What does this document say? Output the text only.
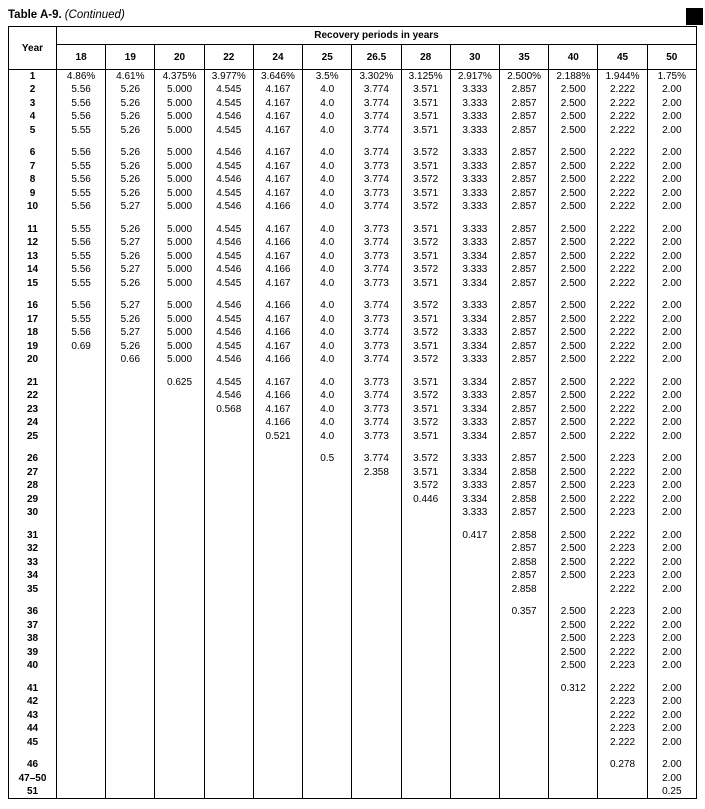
Table A-9. (Continued)
Year	Recovery periods in years												
	18	19	20	22	24	25	26.5	28	30	35	40	45	50
1	4.86%	4.61%	4.375%	3.977%	3.646%	3.5%	3.302%	3.125%	2.917%	2.500%	2.188%	1.944%	1.75%
2	5.56	5.26	5.000	4.545	4.167	4.0	3.774	3.571	3.333	2.857	2.500	2.222	2.00
3	5.56	5.26	5.000	4.545	4.167	4.0	3.774	3.571	3.333	2.857	2.500	2.222	2.00
4	5.56	5.26	5.000	4.546	4.167	4.0	3.774	3.571	3.333	2.857	2.500	2.222	2.00
5	5.55	5.26	5.000	4.545	4.167	4.0	3.774	3.571	3.333	2.857	2.500	2.222	2.00

6	5.56	5.26	5.000	4.546	4.167	4.0	3.774	3.572	3.333	2.857	2.500	2.222	2.00
7	5.55	5.26	5.000	4.545	4.167	4.0	3.773	3.571	3.333	2.857	2.500	2.222	2.00
8	5.56	5.26	5.000	4.546	4.167	4.0	3.774	3.572	3.333	2.857	2.500	2.222	2.00
9	5.55	5.26	5.000	4.545	4.167	4.0	3.773	3.571	3.333	2.857	2.500	2.222	2.00
10	5.56	5.27	5.000	4.546	4.166	4.0	3.774	3.572	3.333	2.857	2.500	2.222	2.00

11	5.55	5.26	5.000	4.545	4.167	4.0	3.773	3.571	3.333	2.857	2.500	2.222	2.00
12	5.56	5.27	5.000	4.546	4.166	4.0	3.774	3.572	3.333	2.857	2.500	2.222	2.00
13	5.55	5.26	5.000	4.545	4.167	4.0	3.773	3.571	3.334	2.857	2.500	2.222	2.00
14	5.56	5.27	5.000	4.546	4.166	4.0	3.774	3.572	3.333	2.857	2.500	2.222	2.00
15	5.55	5.26	5.000	4.545	4.167	4.0	3.773	3.571	3.334	2.857	2.500	2.222	2.00

16	5.56	5.27	5.000	4.546	4.166	4.0	3.774	3.572	3.333	2.857	2.500	2.222	2.00
17	5.55	5.26	5.000	4.545	4.167	4.0	3.773	3.571	3.334	2.857	2.500	2.222	2.00
18	5.56	5.27	5.000	4.546	4.166	4.0	3.774	3.572	3.333	2.857	2.500	2.222	2.00
19	0.69	5.26	5.000	4.545	4.167	4.0	3.773	3.571	3.334	2.857	2.500	2.222	2.00
20		0.66	5.000	4.546	4.166	4.0	3.774	3.572	3.333	2.857	2.500	2.222	2.00

21			0.625	4.545	4.167	4.0	3.773	3.571	3.334	2.857	2.500	2.222	2.00
22				4.546	4.166	4.0	3.774	3.572	3.333	2.857	2.500	2.222	2.00
23				0.568	4.167	4.0	3.773	3.571	3.334	2.857	2.500	2.222	2.00
24					4.166	4.0	3.774	3.572	3.333	2.857	2.500	2.222	2.00
25					0.521	4.0	3.773	3.571	3.334	2.857	2.500	2.222	2.00

26						0.5	3.774	3.572	3.333	2.857	2.500	2.223	2.00
27							2.358	3.571	3.334	2.858	2.500	2.222	2.00
28								3.572	3.333	2.857	2.500	2.223	2.00
29								0.446	3.334	2.858	2.500	2.222	2.00
30									3.333	2.857	2.500	2.223	2.00

31									0.417	2.858	2.500	2.222	2.00
32										2.857	2.500	2.223	2.00
33										2.858	2.500	2.222	2.00
34										2.857	2.500	2.223	2.00
35										2.858		2.222	2.00

36										0.357	2.500	2.223	2.00
37											2.500	2.222	2.00
38											2.500	2.223	2.00
39											2.500	2.222	2.00
40											2.500	2.223	2.00

41											0.312	2.222	2.00
42												2.223	2.00
43												2.222	2.00
44												2.223	2.00
45												2.222	2.00

46												0.278	2.00
47–50													2.00
51													0.25
